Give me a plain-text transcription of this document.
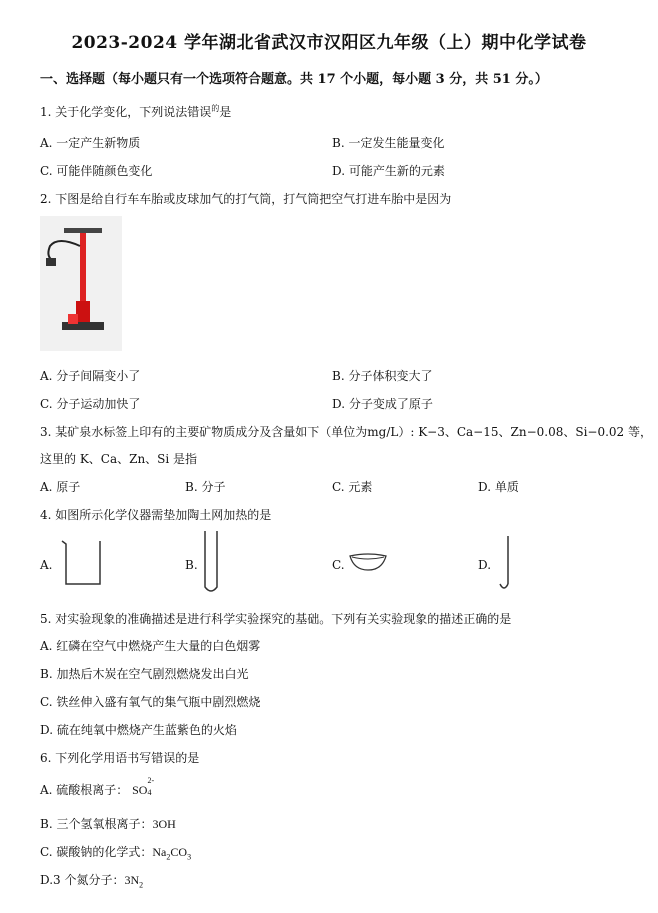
2023-2024 学年湖北省武汉市汉阳区九年级（上）期中化学试卷
一、选择题（每小题只有一个选项符合题意。共 17 个小题，每小题 3 分，共 51 分。）
1. 关于化学变化，下列说法错误$^的$是
A. 一定产生新物质	B. 一定发生能量变化
C. 可能伴随颜色变化	D. 可能产生新的元素
2. 下图是给自行车车胎或皮球加气的打气筒，打气筒把空气打进车胎中是因为
A. 分子间隔变小了	B. 分子体积变大了
C. 分子运动加快了	D. 分子变成了原子
3. 某矿泉水标签上印有的主要矿物质成分及含量如下（单位为mg/L）: K−3、Ca−15、Zn−0.08、Si−0.02 等，
这里的 K、Ca、Zn、Si 是指
A. 原子	B. 分子	C. 元素	D. 单质
4. 如图所示化学仪器需垫加陶土网加热的是
A.	B.	C.	D.
5. 对实验现象的准确描述是进行科学实验探究的基础。下列有关实验现象的描述正确的是
A. 红磷在空气中燃烧产生大量的白色烟雾
B. 加热后木炭在空气剧烈燃烧发出白光
C. 铁丝伸入盛有氧气的集气瓶中剧烈燃烧
D. 硫在纯氧中燃烧产生蓝紫色的火焰
6. 下列化学用语书写错误的是
A. 硫酸根离子： SO
2-
4
B. 三个氢氧根离子：3OH
C. 碳酸钠的化学式：$Na_2CO_3$
D.3 个氮分子：$3N_2$
